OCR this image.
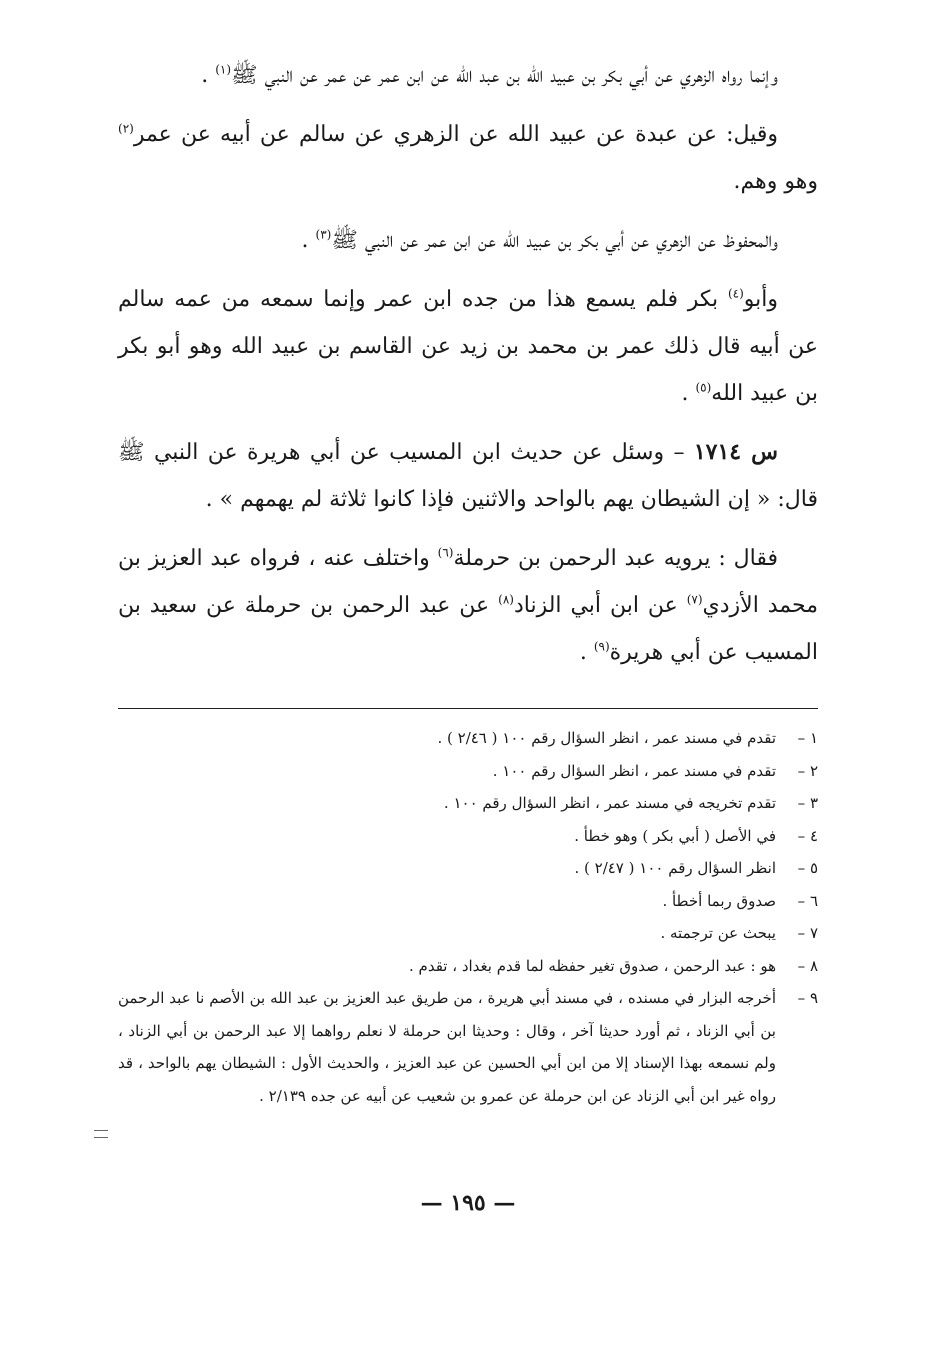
وإنما رواه الزهري عن أبي بكر بن عبيد الله بن عبد الله عن ابن عمر عن عمر عن النبي ﷺ$^{(١)}$ .

وقيل: عن عبدة عن عبيد الله عن الزهري عن سالم عن أبيه عن عمر$^{(٢)}$ وهو وهم.

والمحفوظ عن الزهري عن أبي بكر بن عبيد الله عن ابن عمر عن النبي ﷺ$^{(٣)}$ .

وأبو$^{(٤)}$ بكر فلم يسمع هذا من جده ابن عمر وإنما سمعه من عمه سالم عن أبيه قال ذلك عمر بن محمد بن زيد عن القاسم بن عبيد الله وهو أبو بكر بن عبيد الله$^{(٥)}$ .

س ١٧١٤ – وسئل عن حديث ابن المسيب عن أبي هريرة عن النبي ﷺ قال: « إن الشيطان يهم بالواحد والاثنين فإذا كانوا ثلاثة لم يهمهم » .

فقال : يرويه عبد الرحمن بن حرملة$^{(٦)}$ واختلف عنه ، فرواه عبد العزيز بن محمد الأزدي$^{(٧)}$ عن ابن أبي الزناد$^{(٨)}$ عن عبد الرحمن بن حرملة عن سعيد بن المسيب عن أبي هريرة$^{(٩)}$ .

١ –
تقدم في مسند عمر ، انظر السؤال رقم ١٠٠ ( ٢/٤٦ ) .
٢ –
تقدم في مسند عمر ، انظر السؤال رقم ١٠٠ .
٣ –
تقدم تخريجه في مسند عمر ، انظر السؤال رقم ١٠٠ .
٤ –
في الأصل ( أبي بكر ) وهو خطأ .
٥ –
انظر السؤال رقم ١٠٠ ( ٢/٤٧ ) .
٦ –
صدوق ربما أخطأ .
٧ –
يبحث عن ترجمته .
٨ –
هو : عبد الرحمن ، صدوق تغير حفظه لما قدم بغداد ، تقدم .
٩ –
أخرجه البزار في مسنده ، في مسند أبي هريرة ، من طريق عبد العزيز بن عبد الله بن الأصم نا عبد الرحمن بن أبي الزناد ، ثم أورد حديثا آخر ، وقال : وحديثا ابن حرملة لا نعلم رواهما إلا عبد الرحمن بن أبي الزناد ، ولم نسمعه بهذا الإسناد إلا من ابن أبي الحسين عن عبد العزيز ، والحديث الأول : الشيطان يهم بالواحد ، قد رواه غير ابن أبي الزناد عن ابن حرملة عن عمرو بن شعيب عن أبيه عن جده ٢/١٣٩ .
— ١٩٥ —
